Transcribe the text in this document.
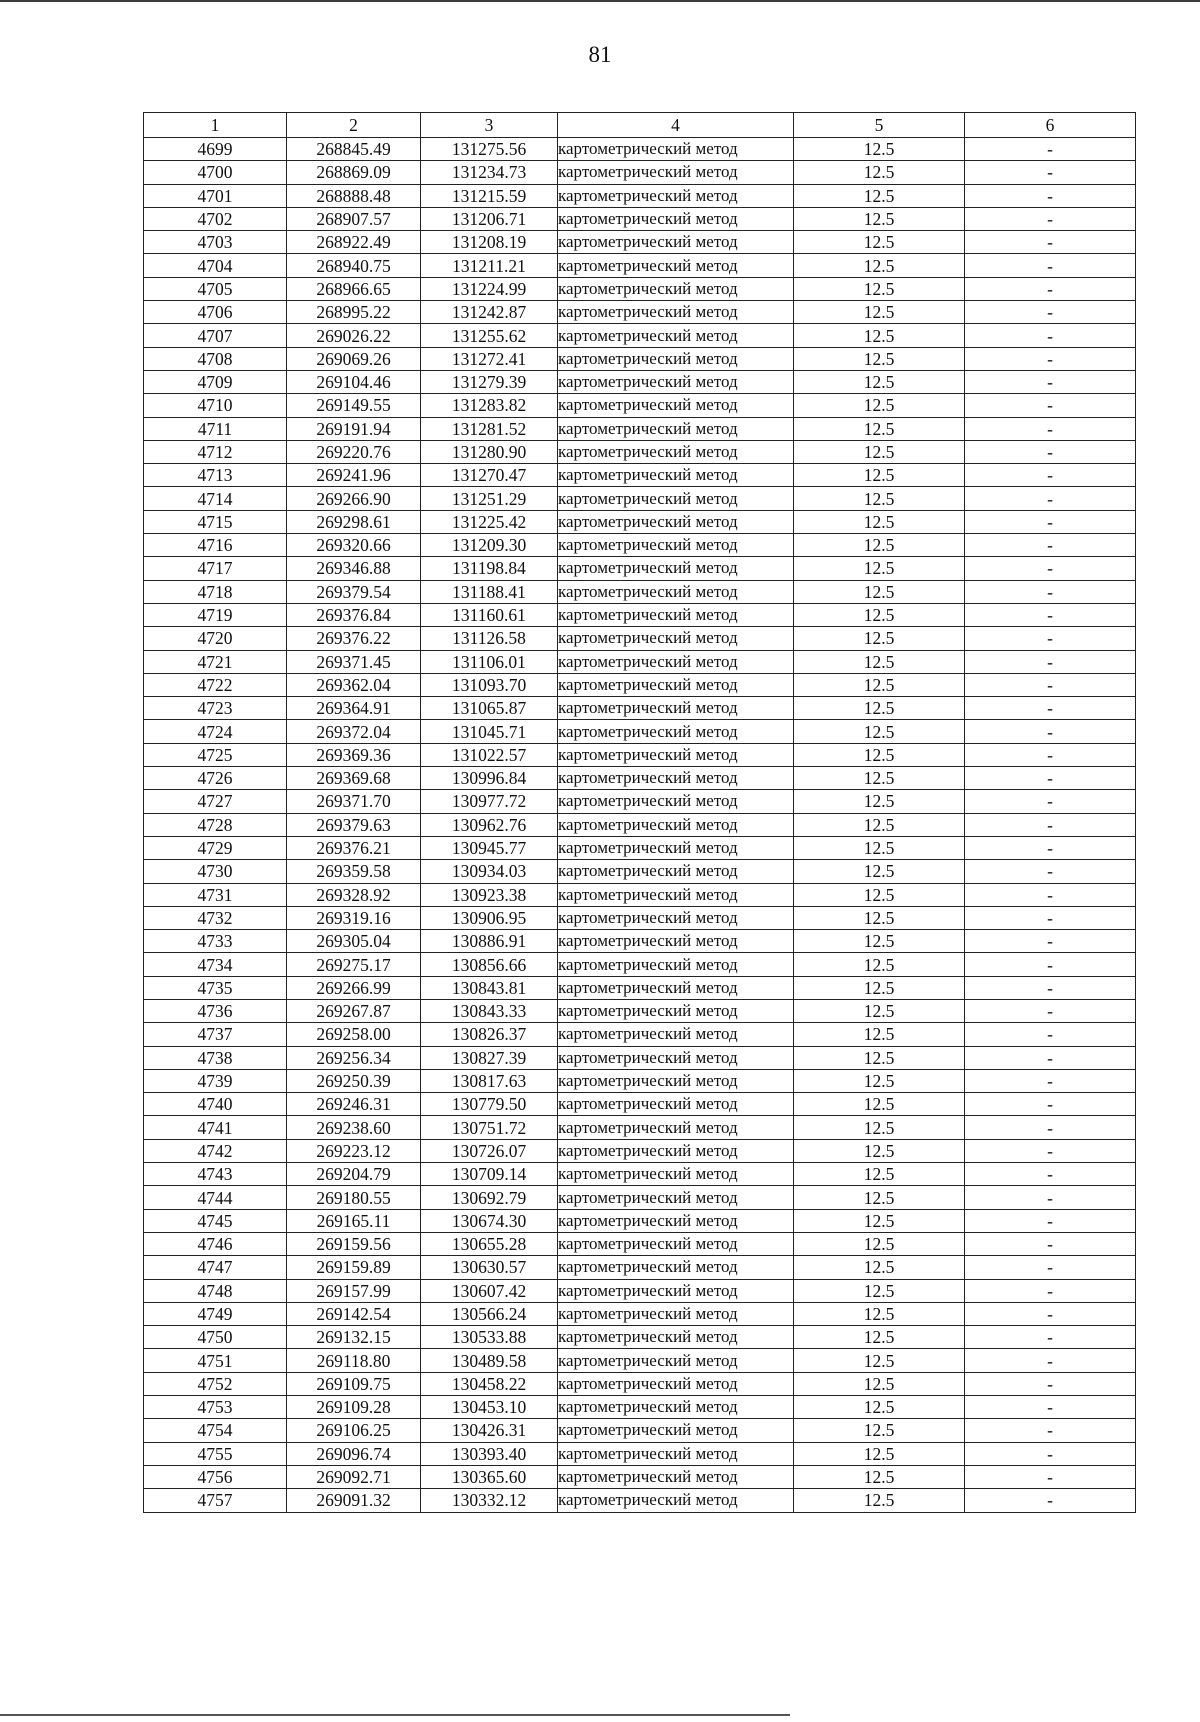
81
1	2	3	4	5	6
4699	268845.49	131275.56	картометрический метод	12.5	-
4700	268869.09	131234.73	картометрический метод	12.5	-
4701	268888.48	131215.59	картометрический метод	12.5	-
4702	268907.57	131206.71	картометрический метод	12.5	-
4703	268922.49	131208.19	картометрический метод	12.5	-
4704	268940.75	131211.21	картометрический метод	12.5	-
4705	268966.65	131224.99	картометрический метод	12.5	-
4706	268995.22	131242.87	картометрический метод	12.5	-
4707	269026.22	131255.62	картометрический метод	12.5	-
4708	269069.26	131272.41	картометрический метод	12.5	-
4709	269104.46	131279.39	картометрический метод	12.5	-
4710	269149.55	131283.82	картометрический метод	12.5	-
4711	269191.94	131281.52	картометрический метод	12.5	-
4712	269220.76	131280.90	картометрический метод	12.5	-
4713	269241.96	131270.47	картометрический метод	12.5	-
4714	269266.90	131251.29	картометрический метод	12.5	-
4715	269298.61	131225.42	картометрический метод	12.5	-
4716	269320.66	131209.30	картометрический метод	12.5	-
4717	269346.88	131198.84	картометрический метод	12.5	-
4718	269379.54	131188.41	картометрический метод	12.5	-
4719	269376.84	131160.61	картометрический метод	12.5	-
4720	269376.22	131126.58	картометрический метод	12.5	-
4721	269371.45	131106.01	картометрический метод	12.5	-
4722	269362.04	131093.70	картометрический метод	12.5	-
4723	269364.91	131065.87	картометрический метод	12.5	-
4724	269372.04	131045.71	картометрический метод	12.5	-
4725	269369.36	131022.57	картометрический метод	12.5	-
4726	269369.68	130996.84	картометрический метод	12.5	-
4727	269371.70	130977.72	картометрический метод	12.5	-
4728	269379.63	130962.76	картометрический метод	12.5	-
4729	269376.21	130945.77	картометрический метод	12.5	-
4730	269359.58	130934.03	картометрический метод	12.5	-
4731	269328.92	130923.38	картометрический метод	12.5	-
4732	269319.16	130906.95	картометрический метод	12.5	-
4733	269305.04	130886.91	картометрический метод	12.5	-
4734	269275.17	130856.66	картометрический метод	12.5	-
4735	269266.99	130843.81	картометрический метод	12.5	-
4736	269267.87	130843.33	картометрический метод	12.5	-
4737	269258.00	130826.37	картометрический метод	12.5	-
4738	269256.34	130827.39	картометрический метод	12.5	-
4739	269250.39	130817.63	картометрический метод	12.5	-
4740	269246.31	130779.50	картометрический метод	12.5	-
4741	269238.60	130751.72	картометрический метод	12.5	-
4742	269223.12	130726.07	картометрический метод	12.5	-
4743	269204.79	130709.14	картометрический метод	12.5	-
4744	269180.55	130692.79	картометрический метод	12.5	-
4745	269165.11	130674.30	картометрический метод	12.5	-
4746	269159.56	130655.28	картометрический метод	12.5	-
4747	269159.89	130630.57	картометрический метод	12.5	-
4748	269157.99	130607.42	картометрический метод	12.5	-
4749	269142.54	130566.24	картометрический метод	12.5	-
4750	269132.15	130533.88	картометрический метод	12.5	-
4751	269118.80	130489.58	картометрический метод	12.5	-
4752	269109.75	130458.22	картометрический метод	12.5	-
4753	269109.28	130453.10	картометрический метод	12.5	-
4754	269106.25	130426.31	картометрический метод	12.5	-
4755	269096.74	130393.40	картометрический метод	12.5	-
4756	269092.71	130365.60	картометрический метод	12.5	-
4757	269091.32	130332.12	картометрический метод	12.5	-
